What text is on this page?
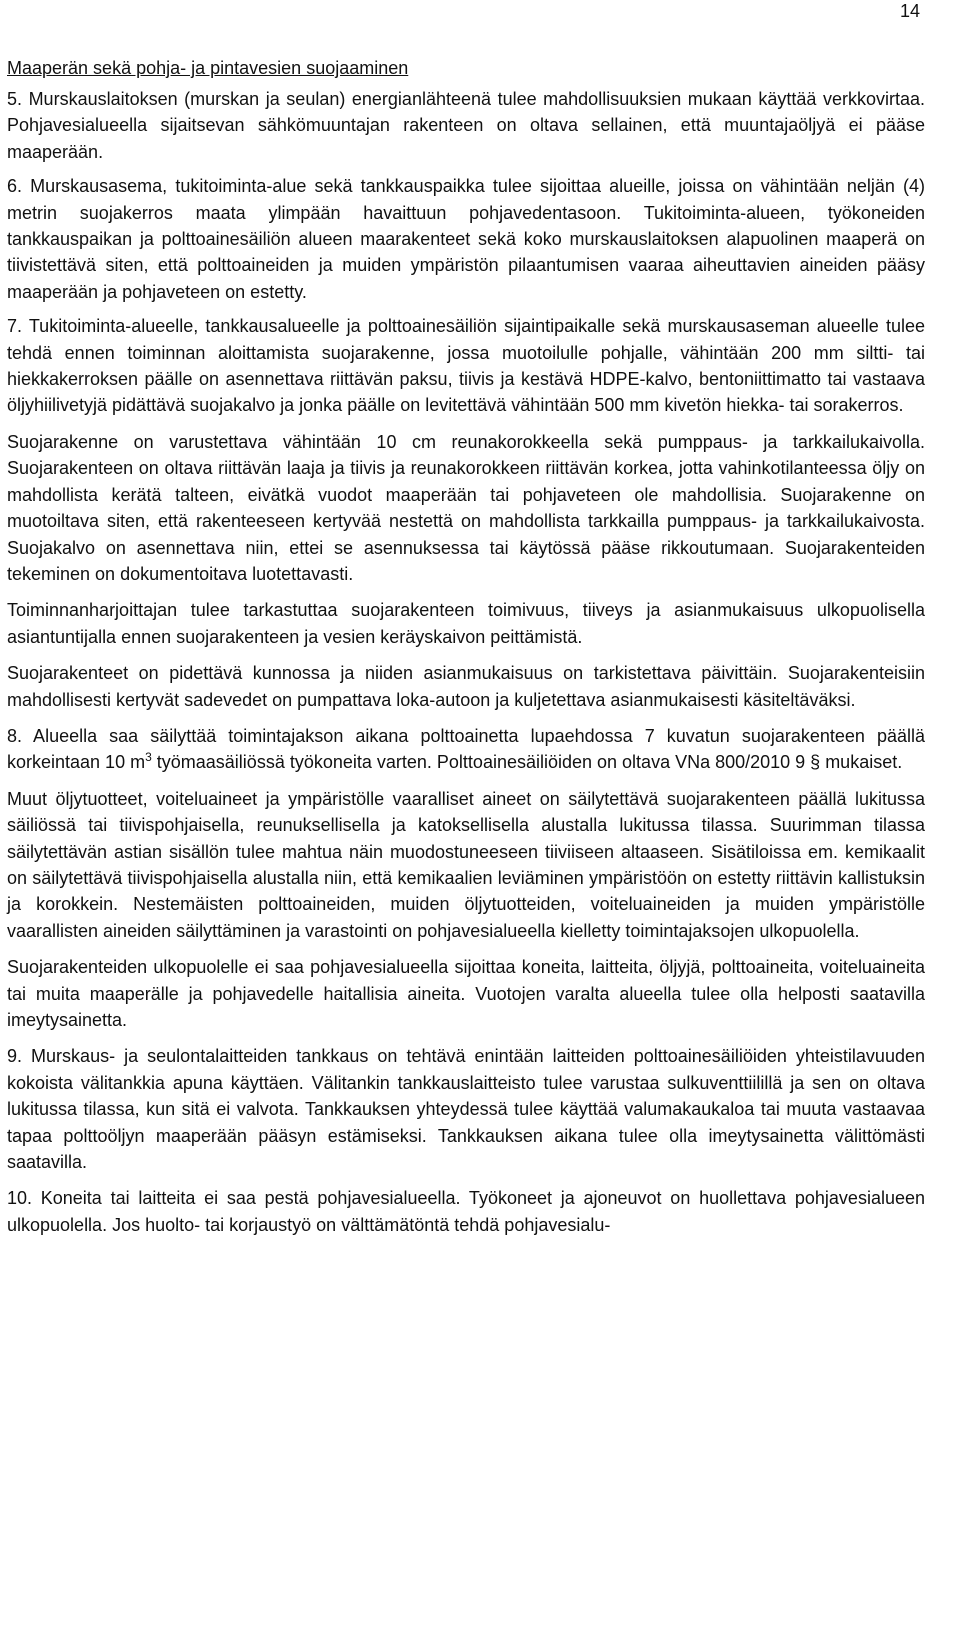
14
Maaperän sekä pohja- ja pintavesien suojaaminen

5. Murskauslaitoksen (murskan ja seulan) energianlähteenä tulee mahdollisuuksien mukaan käyttää verkkovirtaa. Pohjavesialueella sijaitsevan sähkömuuntajan rakenteen on oltava sellainen, että muuntajaöljyä ei pääse maaperään.

6. Murskausasema, tukitoiminta-alue sekä tankkauspaikka tulee sijoittaa alueille, joissa on vähintään neljän (4) metrin suojakerros maata ylimpään havaittuun pohjavedentasoon. Tukitoiminta-alueen, työkoneiden tankkauspaikan ja polttoainesäiliön alueen maarakenteet sekä koko murskauslaitoksen alapuolinen maaperä on tiivistettävä siten, että polttoaineiden ja muiden ympäristön pilaantumisen vaaraa aiheuttavien aineiden pääsy maaperään ja pohjaveteen on estetty.

7. Tukitoiminta-alueelle, tankkausalueelle ja polttoainesäiliön sijaintipaikalle sekä murskausaseman alueelle tulee tehdä ennen toiminnan aloittamista suojarakenne, jossa muotoilulle pohjalle, vähintään 200 mm siltti- tai hiekkakerroksen päälle on asennettava riittävän paksu, tiivis ja kestävä HDPE-kalvo, bentoniittimatto tai vastaava öljyhiilivetyjä pidättävä suojakalvo ja jonka päälle on levitettävä vähintään 500 mm kivetön hiekka- tai sorakerros.

Suojarakenne on varustettava vähintään 10 cm reunakorokkeella sekä pumppaus- ja tarkkailukaivolla. Suojarakenteen on oltava riittävän laaja ja tiivis ja reunakorokkeen riittävän korkea, jotta vahinkotilanteessa öljy on mahdollista kerätä talteen, eivätkä vuodot maaperään tai pohjaveteen ole mahdollisia. Suojarakenne on muotoiltava siten, että rakenteeseen kertyvää nestettä on mahdollista tarkkailla pumppaus- ja tarkkailukaivosta. Suojakalvo on asennettava niin, ettei se asennuksessa tai käytössä pääse rikkoutumaan. Suojarakenteiden tekeminen on dokumentoitava luotettavasti.

Toiminnanharjoittajan tulee tarkastuttaa suojarakenteen toimivuus, tiiveys ja asianmukaisuus ulkopuolisella asiantuntijalla ennen suojarakenteen ja vesien keräyskaivon peittämistä.

Suojarakenteet on pidettävä kunnossa ja niiden asianmukaisuus on tarkistettava päivittäin. Suojarakenteisiin mahdollisesti kertyvät sadevedet on pumpattava loka-autoon ja kuljetettava asianmukaisesti käsiteltäväksi.

8. Alueella saa säilyttää toimintajakson aikana polttoainetta lupaehdossa 7 kuvatun suojarakenteen päällä korkeintaan 10 $m^3$ työmaasäiliössä työkoneita varten. Polttoainesäiliöiden on oltava VNa 800/2010 9 § mukaiset.

Muut öljytuotteet, voiteluaineet ja ympäristölle vaaralliset aineet on säilytettävä suojarakenteen päällä lukitussa säiliössä tai tiivispohjaisella, reunuksellisella ja katoksellisella alustalla lukitussa tilassa. Suurimman tilassa säilytettävän astian sisällön tulee mahtua näin muodostuneeseen tiiviiseen altaaseen. Sisätiloissa em. kemikaalit on säilytettävä tiivispohjaisella alustalla niin, että kemikaalien leviäminen ympäristöön on estetty riittävin kallistuksin ja korokkein. Nestemäisten polttoaineiden, muiden öljytuotteiden, voiteluaineiden ja muiden ympäristölle vaarallisten aineiden säilyttäminen ja varastointi on pohjavesialueella kielletty toimintajaksojen ulkopuolella.

Suojarakenteiden ulkopuolelle ei saa pohjavesialueella sijoittaa koneita, laitteita, öljyjä, polttoaineita, voiteluaineita tai muita maaperälle ja pohjavedelle haitallisia aineita. Vuotojen varalta alueella tulee olla helposti saatavilla imeytysainetta.

9. Murskaus- ja seulontalaitteiden tankkaus on tehtävä enintään laitteiden polttoainesäiliöiden yhteistilavuuden kokoista välitankkia apuna käyttäen. Välitankin tankkauslaitteisto tulee varustaa sulkuventtiilillä ja sen on oltava lukitussa tilassa, kun sitä ei valvota. Tankkauksen yhteydessä tulee käyttää valumakaukaloa tai muuta vastaavaa tapaa polttoöljyn maaperään pääsyn estämiseksi. Tankkauksen aikana tulee olla imeytysainetta välittömästi saatavilla.

10. Koneita tai laitteita ei saa pestä pohjavesialueella. Työkoneet ja ajoneuvot on huollettava pohjavesialueen ulkopuolella. Jos huolto- tai korjaustyö on välttämätöntä tehdä pohjavesialu-
